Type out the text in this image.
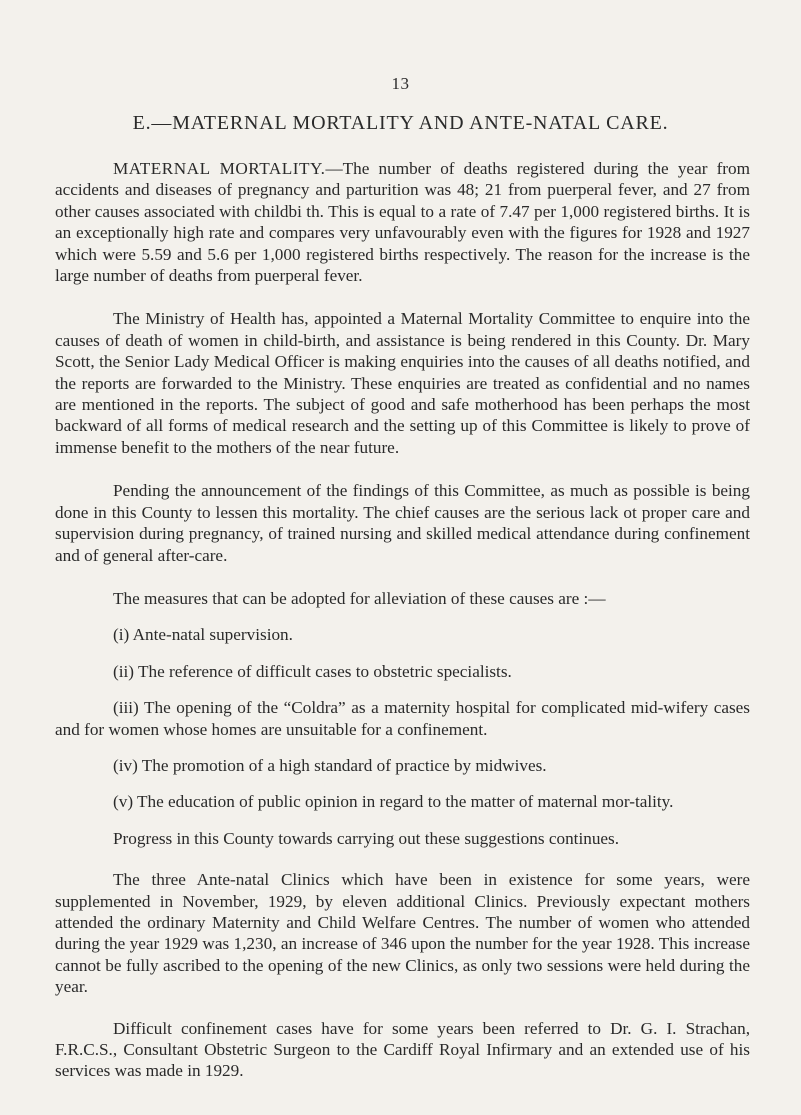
13
E.—MATERNAL MORTALITY AND ANTE-NATAL CARE.

MATERNAL MORTALITY.—The number of deaths registered during the year from accidents and diseases of pregnancy and parturition was 48; 21 from puerperal fever, and 27 from other causes associated with childbi th. This is equal to a rate of 7.47 per 1,000 registered births. It is an exceptionally high rate and compares very unfavourably even with the figures for 1928 and 1927 which were 5.59 and 5.6 per 1,000 registered births respectively. The reason for the increase is the large number of deaths from puerperal fever.

The Ministry of Health has, appointed a Maternal Mortality Committee to enquire into the causes of death of women in child-birth, and assistance is being rendered in this County. Dr. Mary Scott, the Senior Lady Medical Officer is making enquiries into the causes of all deaths notified, and the reports are forwarded to the Ministry. These enquiries are treated as confidential and no names are mentioned in the reports. The subject of good and safe motherhood has been perhaps the most backward of all forms of medical research and the setting up of this Committee is likely to prove of immense benefit to the mothers of the near future.

Pending the announcement of the findings of this Committee, as much as possible is being done in this County to lessen this mortality. The chief causes are the serious lack ot proper care and supervision during pregnancy, of trained nursing and skilled medical attendance during confinement and of general after-care.

The measures that can be adopted for alleviation of these causes are :—

(i) Ante-natal supervision.

(ii) The reference of difficult cases to obstetric specialists.

(iii) The opening of the “Coldra” as a maternity hospital for complicated mid-wifery cases and for women whose homes are unsuitable for a confinement.

(iv) The promotion of a high standard of practice by midwives.

(v) The education of public opinion in regard to the matter of maternal mor-tality.

Progress in this County towards carrying out these suggestions continues.

The three Ante-natal Clinics which have been in existence for some years, were supplemented in November, 1929, by eleven additional Clinics. Previously expectant mothers attended the ordinary Maternity and Child Welfare Centres. The number of women who attended during the year 1929 was 1,230, an increase of 346 upon the number for the year 1928. This increase cannot be fully ascribed to the opening of the new Clinics, as only two sessions were held during the year.

Difficult confinement cases have for some years been referred to Dr. G. I. Strachan, F.R.C.S., Consultant Obstetric Surgeon to the Cardiff Royal Infirmary and an extended use of his services was made in 1929.
